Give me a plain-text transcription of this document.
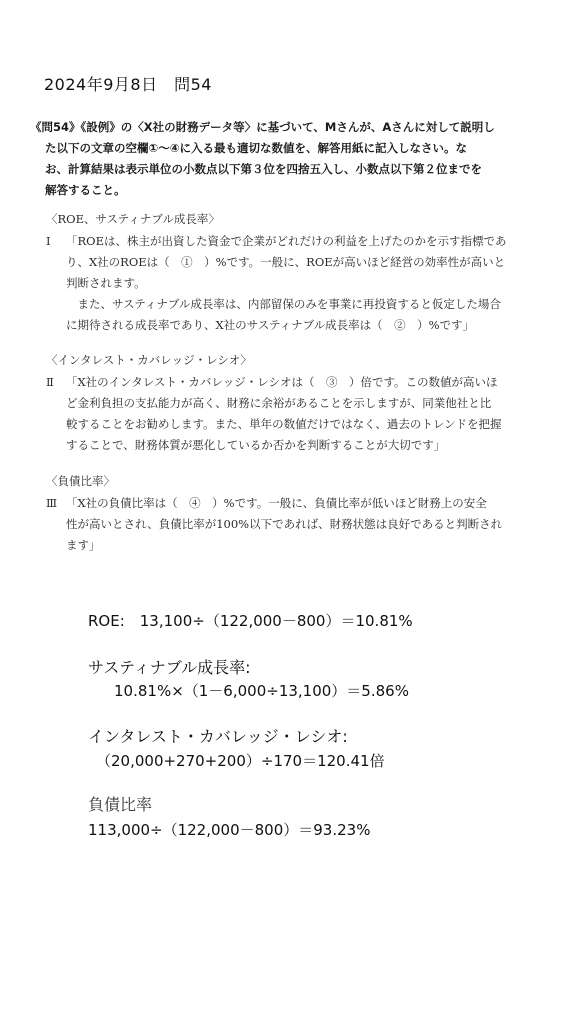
2024年9月8日　問54
《問54》《設例》の〈X社の財務データ等〉に基づいて、Mさんが、Aさんに対して説明し
た以下の文章の空欄①～④に入る最も適切な数値を、解答用紙に記入しなさい。な
お、計算結果は表示単位の小数点以下第３位を四捨五入し、小数点以下第２位までを
解答すること。
〈ROE、サスティナブル成長率〉
Ⅰ 「ROEは、株主が出資した資金で企業がどれだけの利益を上げたのかを示す指標であ
り、X社のROEは（　①　）%です。一般に、ROEが高いほど経営の効率性が高いと
判断されます。
　また、サスティナブル成長率は、内部留保のみを事業に再投資すると仮定した場合
に期待される成長率であり、X社のサスティナブル成長率は（　②　）%です」
〈インタレスト・カバレッジ・レシオ〉
Ⅱ 「X社のインタレスト・カバレッジ・レシオは（　③　）倍です。この数値が高いほ
ど金利負担の支払能力が高く、財務に余裕があることを示しますが、同業他社と比
較することをお勧めします。また、単年の数値だけではなく、過去のトレンドを把握
することで、財務体質が悪化しているか否かを判断することが大切です」
〈負債比率〉
Ⅲ 「X社の負債比率は（　④　）%です。一般に、負債比率が低いほど財務上の安全
性が高いとされ、負債比率が100%以下であれば、財務状態は良好であると判断され
ます」
ROE:　13,100÷（122,000－800）＝10.81%
サスティナブル成長率:
10.81%×（1－6,000÷13,100）＝5.86%
インタレスト・カバレッジ・レシオ:
（20,000+270+200）÷170＝120.41倍
負債比率
113,000÷（122,000－800）＝93.23%
